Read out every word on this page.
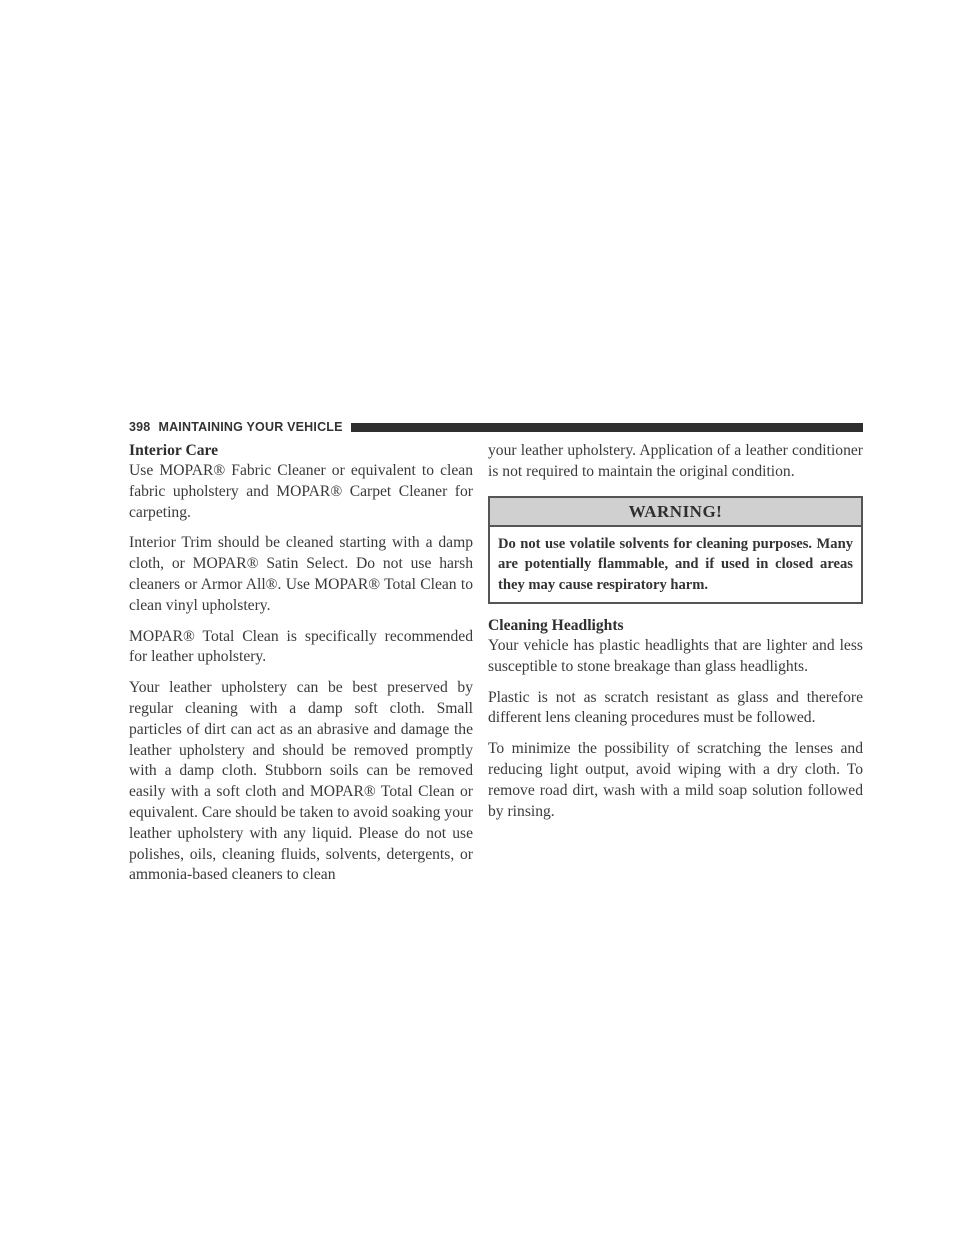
398 MAINTAINING YOUR VEHICLE
Interior Care

Use MOPAR® Fabric Cleaner or equivalent to clean fabric upholstery and MOPAR® Carpet Cleaner for carpeting.

Interior Trim should be cleaned starting with a damp cloth, or MOPAR® Satin Select. Do not use harsh cleaners or Armor All®. Use MOPAR® Total Clean to clean vinyl upholstery.

MOPAR® Total Clean is specifically recommended for leather upholstery.

Your leather upholstery can be best preserved by regular cleaning with a damp soft cloth. Small particles of dirt can act as an abrasive and damage the leather upholstery and should be removed promptly with a damp cloth. Stubborn soils can be removed easily with a soft cloth and MOPAR® Total Clean or equivalent. Care should be taken to avoid soaking your leather upholstery with any liquid. Please do not use polishes, oils, cleaning fluids, solvents, detergents, or ammonia-based cleaners to clean

your leather upholstery. Application of a leather conditioner is not required to maintain the original condition.

WARNING!
Do not use volatile solvents for cleaning purposes. Many are potentially flammable, and if used in closed areas they may cause respiratory harm.
Cleaning Headlights

Your vehicle has plastic headlights that are lighter and less susceptible to stone breakage than glass headlights.

Plastic is not as scratch resistant as glass and therefore different lens cleaning procedures must be followed.

To minimize the possibility of scratching the lenses and reducing light output, avoid wiping with a dry cloth. To remove road dirt, wash with a mild soap solution followed by rinsing.
